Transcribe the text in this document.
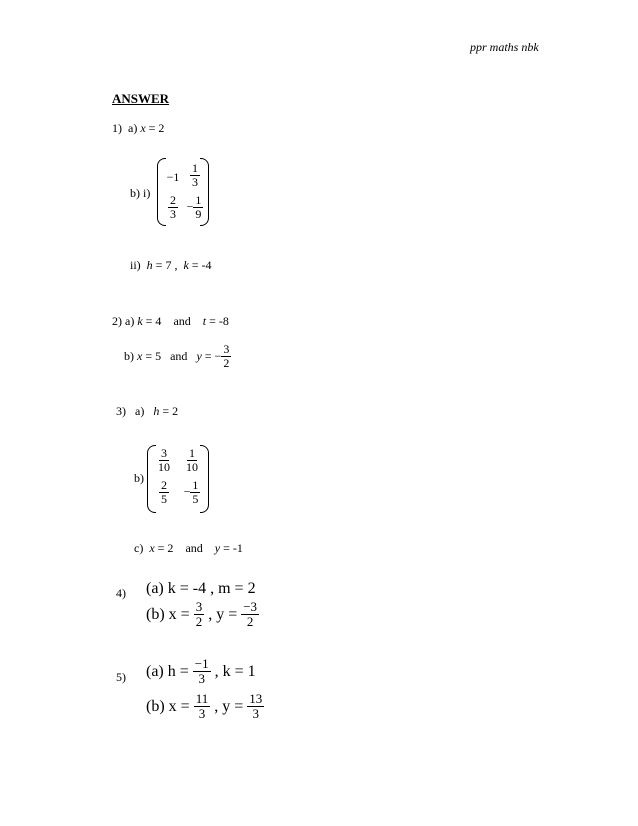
ppr maths nbk
ANSWER
1) a) x = 2
b) i)
$-1 \frac{1}{3}$
$\frac{2}{3} - \frac{1}{9}$
ii) h = 7 , k = -4
2) a) k = 4 and t = -8
b)
x
= 5
and
y
= − $\frac{3}{2}$
3) a) h = 2
b)
$\frac{3}{10} \frac{1}{10}$
$\frac{2}{5}$	− $\frac{1}{5}$
c) x = 2 and y = -1
4) (a) k = -4 , m = 2
(b) x =
$\frac{3}{2}$
, y =
$\frac{-3}{2}$
5) (a) h =
$\frac{-1}{3}$
, k = 1
(b) x =
$\frac{11}{3}$
, y =
$\frac{13}{3}$
